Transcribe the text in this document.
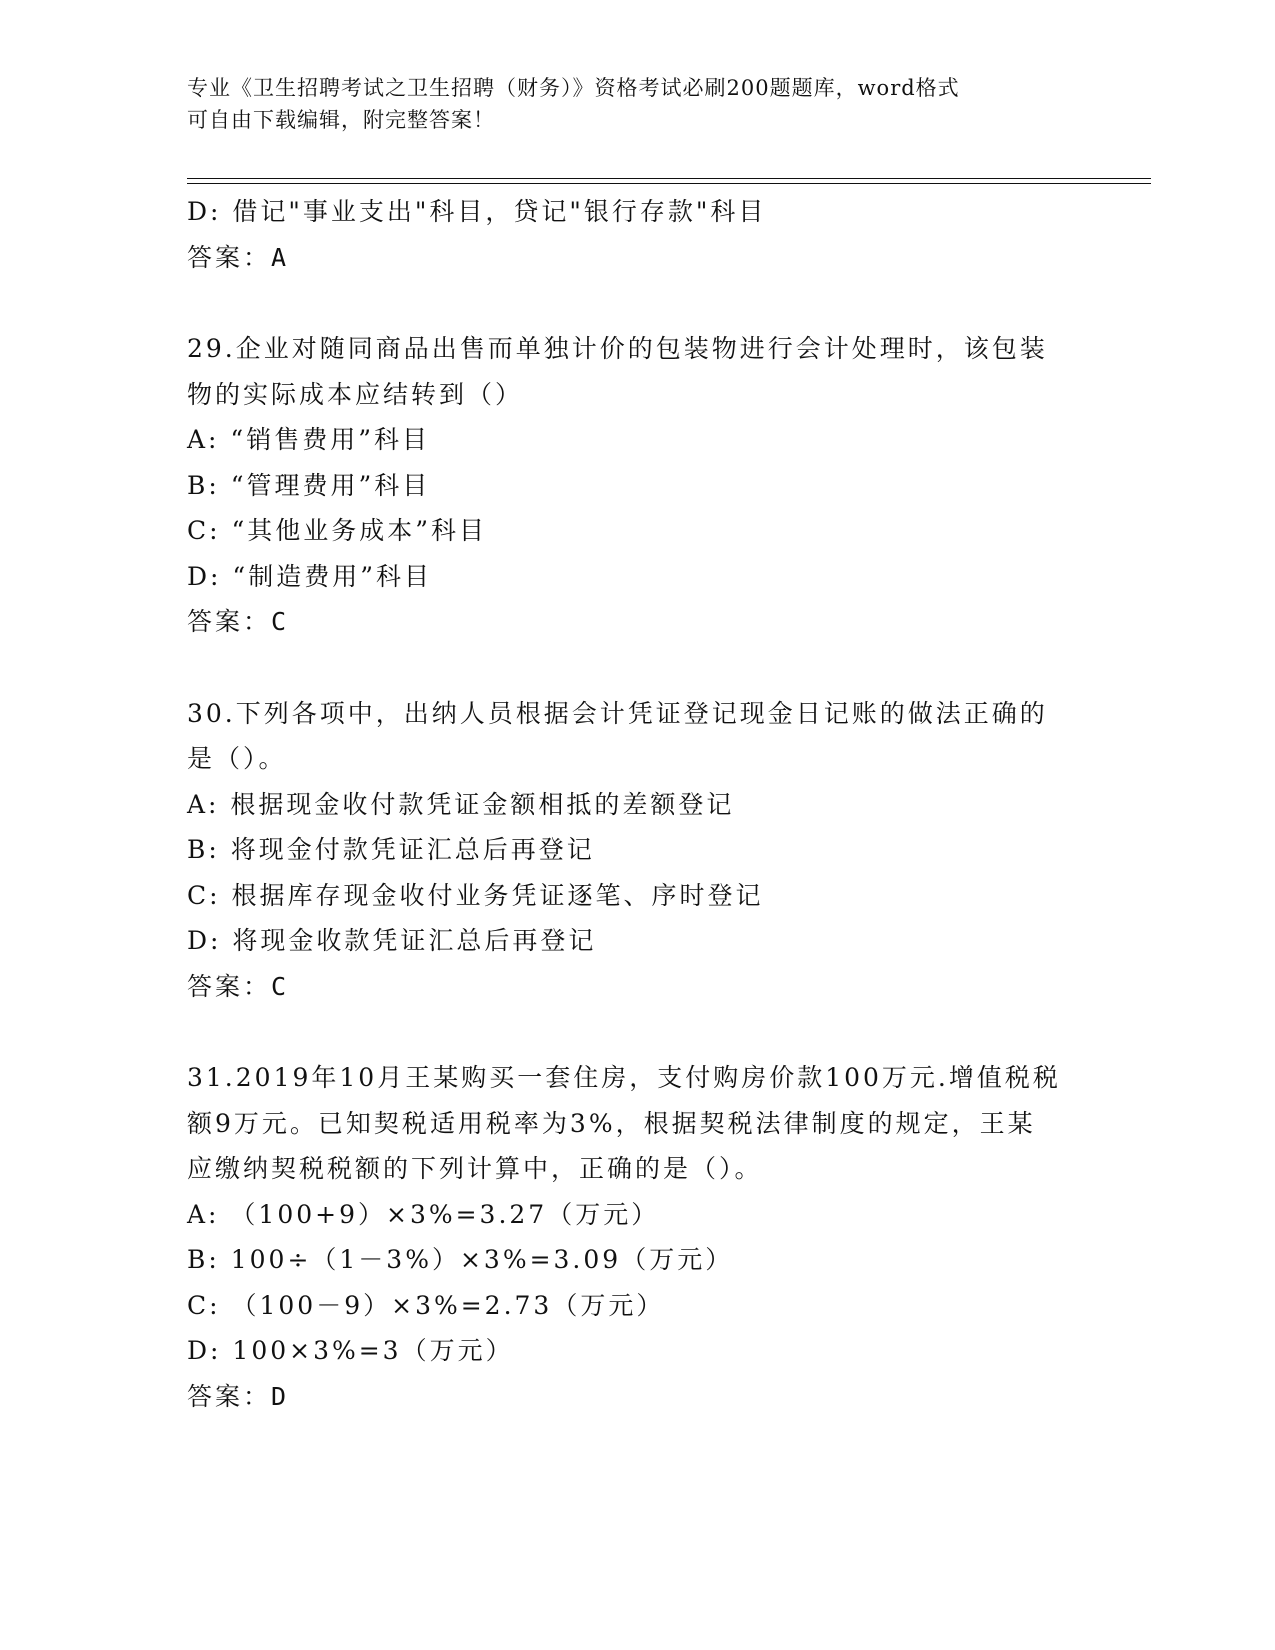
专业《卫生招聘考试之卫生招聘（财务）》资格考试必刷200题题库，word格式
可自由下载编辑，附完整答案！
D: 借记"事业支出"科目，贷记"银行存款"科目
答案：A
29.企业对随同商品出售而单独计价的包装物进行会计处理时，该包装
物的实际成本应结转到（）
A: “销售费用”科目
B: “管理费用”科目
C: “其他业务成本”科目
D: “制造费用”科目
答案：C
30.下列各项中，出纳人员根据会计凭证登记现金日记账的做法正确的
是（）。
A: 根据现金收付款凭证金额相抵的差额登记
B: 将现金付款凭证汇总后再登记
C: 根据库存现金收付业务凭证逐笔、序时登记
D: 将现金收款凭证汇总后再登记
答案：C
31.2019年10月王某购买一套住房，支付购房价款100万元.增值税税
额9万元。已知契税适用税率为3%，根据契税法律制度的规定，王某
应缴纳契税税额的下列计算中，正确的是（）。
A: （100+9）×3%=3.27（万元）
B: 100÷（1－3%）×3%=3.09（万元）
C: （100－9）×3%=2.73（万元）
D: 100×3%=3（万元）
答案：D
